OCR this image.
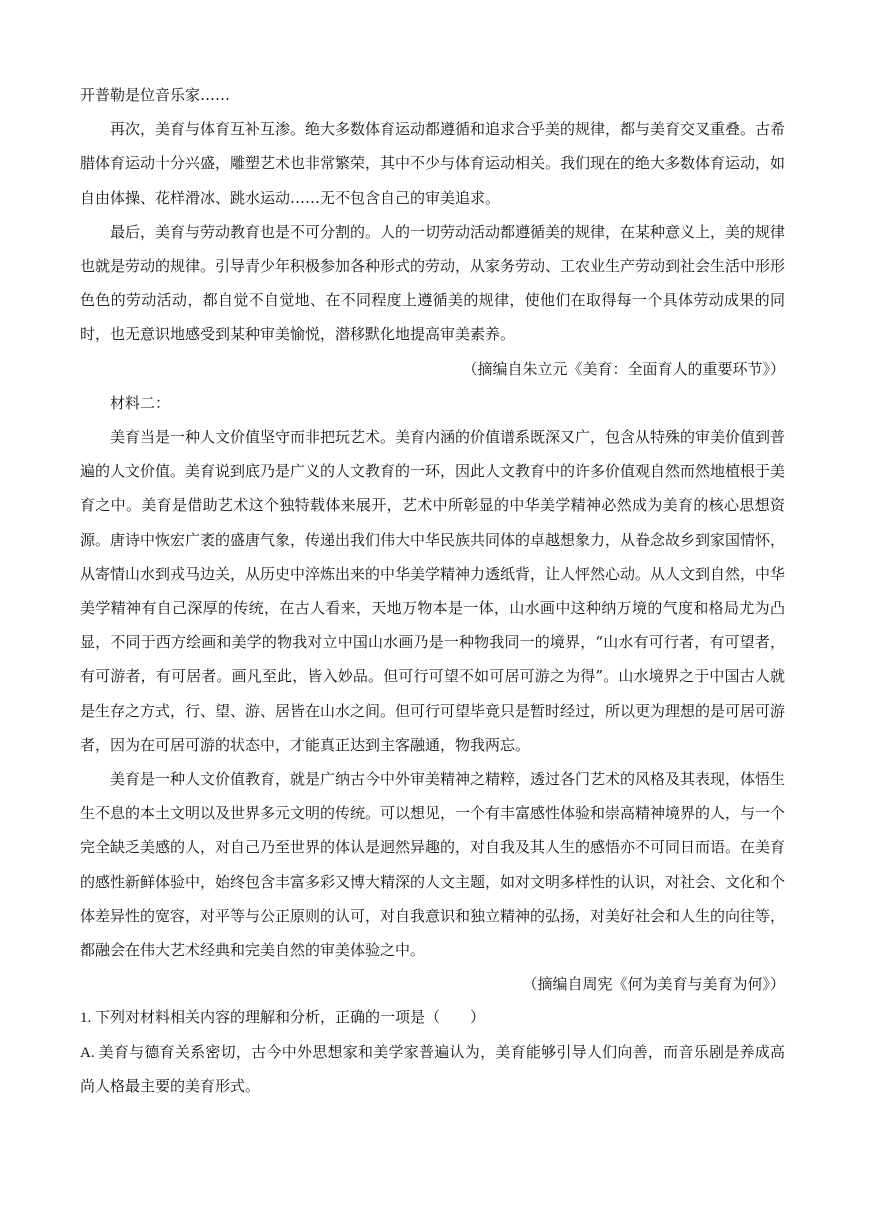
开普勒是位音乐家……

再次，美育与体育互补互渗。绝大多数体育运动都遵循和追求合乎美的规律，都与美育交叉重叠。古希腊体育运动十分兴盛，雕塑艺术也非常繁荣，其中不少与体育运动相关。我们现在的绝大多数体育运动，如自由体操、花样滑冰、跳水运动……无不包含自己的审美追求。

最后，美育与劳动教育也是不可分割的。人的一切劳动活动都遵循美的规律，在某种意义上，美的规律也就是劳动的规律。引导青少年积极参加各种形式的劳动，从家务劳动、工农业生产劳动到社会生活中形形色色的劳动活动，都自觉不自觉地、在不同程度上遵循美的规律，使他们在取得每一个具体劳动成果的同时，也无意识地感受到某种审美愉悦，潜移默化地提高审美素养。

（摘编自朱立元《美育：全面育人的重要环节》）

材料二：

美育当是一种人文价值坚守而非把玩艺术。美育内涵的价值谱系既深又广，包含从特殊的审美价值到普遍的人文价值。美育说到底乃是广义的人文教育的一环，因此人文教育中的许多价值观自然而然地植根于美育之中。美育是借助艺术这个独特载体来展开，艺术中所彰显的中华美学精神必然成为美育的核心思想资源。唐诗中恢宏广袤的盛唐气象，传递出我们伟大中华民族共同体的卓越想象力，从眷念故乡到家国情怀，从寄情山水到戎马边关，从历史中淬炼出来的中华美学精神力透纸背，让人怦然心动。从人文到自然，中华美学精神有自己深厚的传统，在古人看来，天地万物本是一体，山水画中这种纳万境的气度和格局尤为凸显，不同于西方绘画和美学的物我对立中国山水画乃是一种物我同一的境界，“山水有可行者，有可望者，有可游者，有可居者。画凡至此，皆入妙品。但可行可望不如可居可游之为得”。山水境界之于中国古人就是生存之方式，行、望、游、居皆在山水之间。但可行可望毕竟只是暂时经过，所以更为理想的是可居可游者，因为在可居可游的状态中，才能真正达到主客融通，物我两忘。

美育是一种人文价值教育，就是广纳古今中外审美精神之精粹，透过各门艺术的风格及其表现，体悟生生不息的本土文明以及世界多元文明的传统。可以想见，一个有丰富感性体验和崇高精神境界的人，与一个完全缺乏美感的人，对自己乃至世界的体认是迥然异趣的，对自我及其人生的感悟亦不可同日而语。在美育的感性新鲜体验中，始终包含丰富多彩又博大精深的人文主题，如对文明多样性的认识，对社会、文化和个体差异性的宽容，对平等与公正原则的认可，对自我意识和独立精神的弘扬，对美好社会和人生的向往等，都融会在伟大艺术经典和完美自然的审美体验之中。

（摘编自周宪《何为美育与美育为何》）

1. 下列对材料相关内容的理解和分析，正确的一项是（　　）

A. 美育与德育关系密切，古今中外思想家和美学家普遍认为，美育能够引导人们向善，而音乐剧是养成高尚人格最主要的美育形式。
